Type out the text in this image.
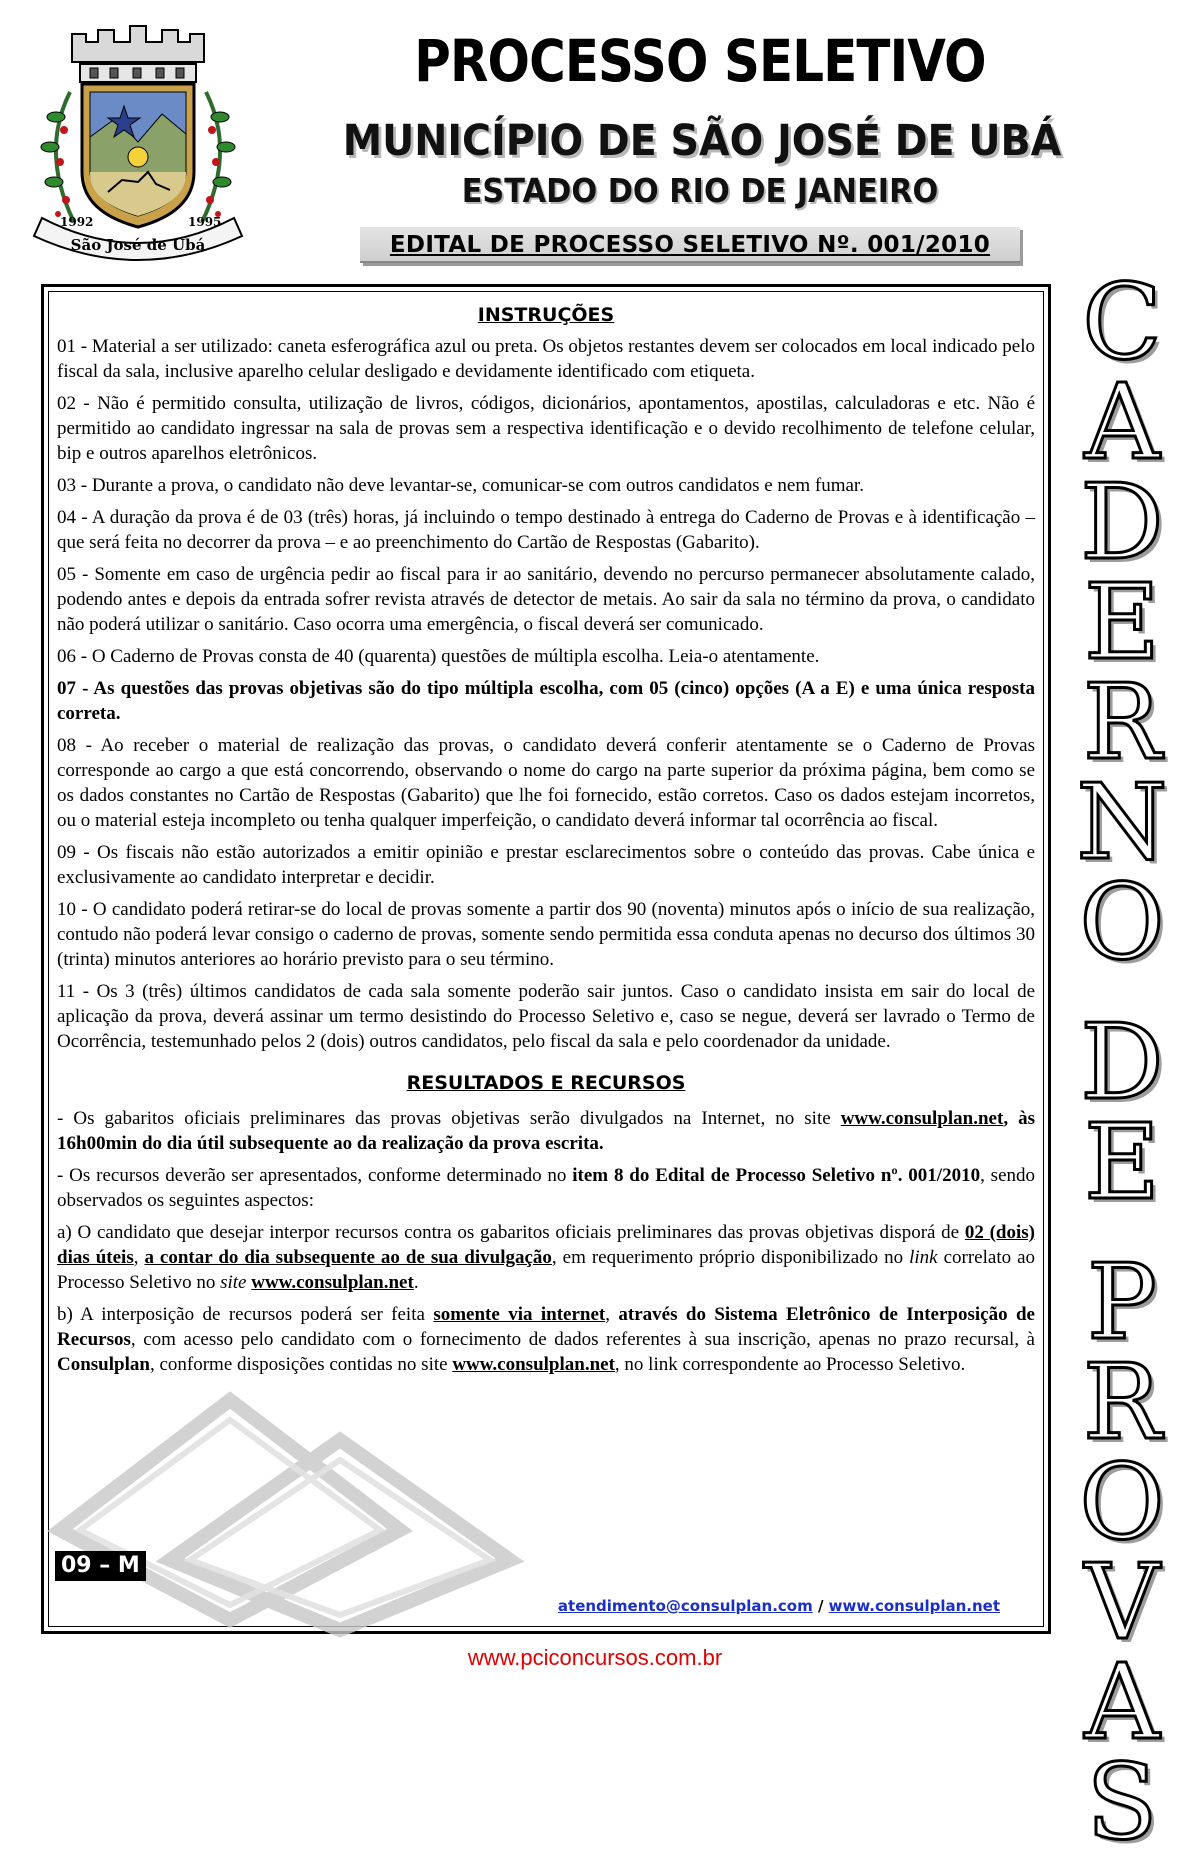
1992	1995
São José de Ubá
PROCESSO SELETIVO
MUNICÍPIO DE SÃO JOSÉ DE UBÁ
ESTADO DO RIO DE JANEIRO
EDITAL DE PROCESSO SELETIVO Nº. 001/2010
INSTRUÇÕES

01 - Material a ser utilizado: caneta esferográfica azul ou preta. Os objetos restantes devem ser colocados em local indicado pelo fiscal da sala, inclusive aparelho celular desligado e devidamente identificado com etiqueta.

02 - Não é permitido consulta, utilização de livros, códigos, dicionários, apontamentos, apostilas, calculadoras e etc. Não é permitido ao candidato ingressar na sala de provas sem a respectiva identificação e o devido recolhimento de telefone celular, bip e outros aparelhos eletrônicos.

03 - Durante a prova, o candidato não deve levantar-se, comunicar-se com outros candidatos e nem fumar.

04 - A duração da prova é de 03 (três) horas, já incluindo o tempo destinado à entrega do Caderno de Provas e à identificação – que será feita no decorrer da prova – e ao preenchimento do Cartão de Respostas (Gabarito).

05 - Somente em caso de urgência pedir ao fiscal para ir ao sanitário, devendo no percurso permanecer absolutamente calado, podendo antes e depois da entrada sofrer revista através de detector de metais. Ao sair da sala no término da prova, o candidato não poderá utilizar o sanitário. Caso ocorra uma emergência, o fiscal deverá ser comunicado.

06 - O Caderno de Provas consta de 40 (quarenta) questões de múltipla escolha. Leia-o atentamente.

07 - As questões das provas objetivas são do tipo múltipla escolha, com 05 (cinco) opções (A a E) e uma única resposta correta.

08 - Ao receber o material de realização das provas, o candidato deverá conferir atentamente se o Caderno de Provas corresponde ao cargo a que está concorrendo, observando o nome do cargo na parte superior da próxima página, bem como se os dados constantes no Cartão de Respostas (Gabarito) que lhe foi fornecido, estão corretos. Caso os dados estejam incorretos, ou o material esteja incompleto ou tenha qualquer imperfeição, o candidato deverá informar tal ocorrência ao fiscal.

09 - Os fiscais não estão autorizados a emitir opinião e prestar esclarecimentos sobre o conteúdo das provas. Cabe única e exclusivamente ao candidato interpretar e decidir.

10 - O candidato poderá retirar-se do local de provas somente a partir dos 90 (noventa) minutos após o início de sua realização, contudo não poderá levar consigo o caderno de provas, somente sendo permitida essa conduta apenas no decurso dos últimos 30 (trinta) minutos anteriores ao horário previsto para o seu término.

11 - Os 3 (três) últimos candidatos de cada sala somente poderão sair juntos. Caso o candidato insista em sair do local de aplicação da prova, deverá assinar um termo desistindo do Processo Seletivo e, caso se negue, deverá ser lavrado o Termo de Ocorrência, testemunhado pelos 2 (dois) outros candidatos, pelo fiscal da sala e pelo coordenador da unidade.

RESULTADOS E RECURSOS

- Os gabaritos oficiais preliminares das provas objetivas serão divulgados na Internet, no site www.consulplan.net, às 16h00min do dia útil subsequente ao da realização da prova escrita.

- Os recursos deverão ser apresentados, conforme determinado no item 8 do Edital de Processo Seletivo nº. 001/2010, sendo observados os seguintes aspectos:

a) O candidato que desejar interpor recursos contra os gabaritos oficiais preliminares das provas objetivas disporá de 02 (dois) dias úteis, a contar do dia subsequente ao de sua divulgação, em requerimento próprio disponibilizado no link correlato ao Processo Seletivo no site www.consulplan.net.

b) A interposição de recursos poderá ser feita somente via internet, através do Sistema Eletrônico de Interposição de Recursos, com acesso pelo candidato com o fornecimento de dados referentes à sua inscrição, apenas no prazo recursal, à Consulplan, conforme disposições contidas no site www.consulplan.net, no link correspondente ao Processo Seletivo.

09 – M
atendimento@consulplan.com / www.consulplan.net
C
A
D
E
R
N
O
D
E
P
R
O
V
A
S
www.pciconcursos.com.br
